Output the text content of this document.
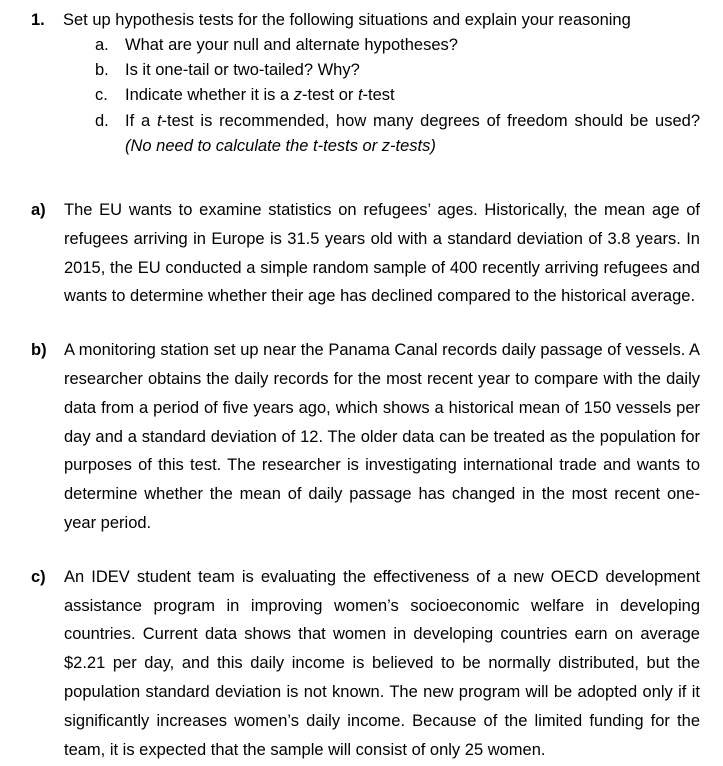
1. Set up hypothesis tests for the following situations and explain your reasoning
a. What are your null and alternate hypotheses?
b. Is it one-tail or two-tailed? Why?
c. Indicate whether it is a z-test or t-test
d. If a t-test is recommended, how many degrees of freedom should be used? (No need to calculate the t-tests or z-tests)
a) The EU wants to examine statistics on refugees’ ages. Historically, the mean age of refugees arriving in Europe is 31.5 years old with a standard deviation of 3.8 years. In 2015, the EU conducted a simple random sample of 400 recently arriving refugees and wants to determine whether their age has declined compared to the historical average.
b) A monitoring station set up near the Panama Canal records daily passage of vessels. A researcher obtains the daily records for the most recent year to compare with the daily data from a period of five years ago, which shows a historical mean of 150 vessels per day and a standard deviation of 12. The older data can be treated as the population for purposes of this test. The researcher is investigating international trade and wants to determine whether the mean of daily passage has changed in the most recent one-year period.
c) An IDEV student team is evaluating the effectiveness of a new OECD development assistance program in improving women’s socioeconomic welfare in developing countries. Current data shows that women in developing countries earn on average $2.21 per day, and this daily income is believed to be normally distributed, but the population standard deviation is not known. The new program will be adopted only if it significantly increases women’s daily income. Because of the limited funding for the team, it is expected that the sample will consist of only 25 women.
